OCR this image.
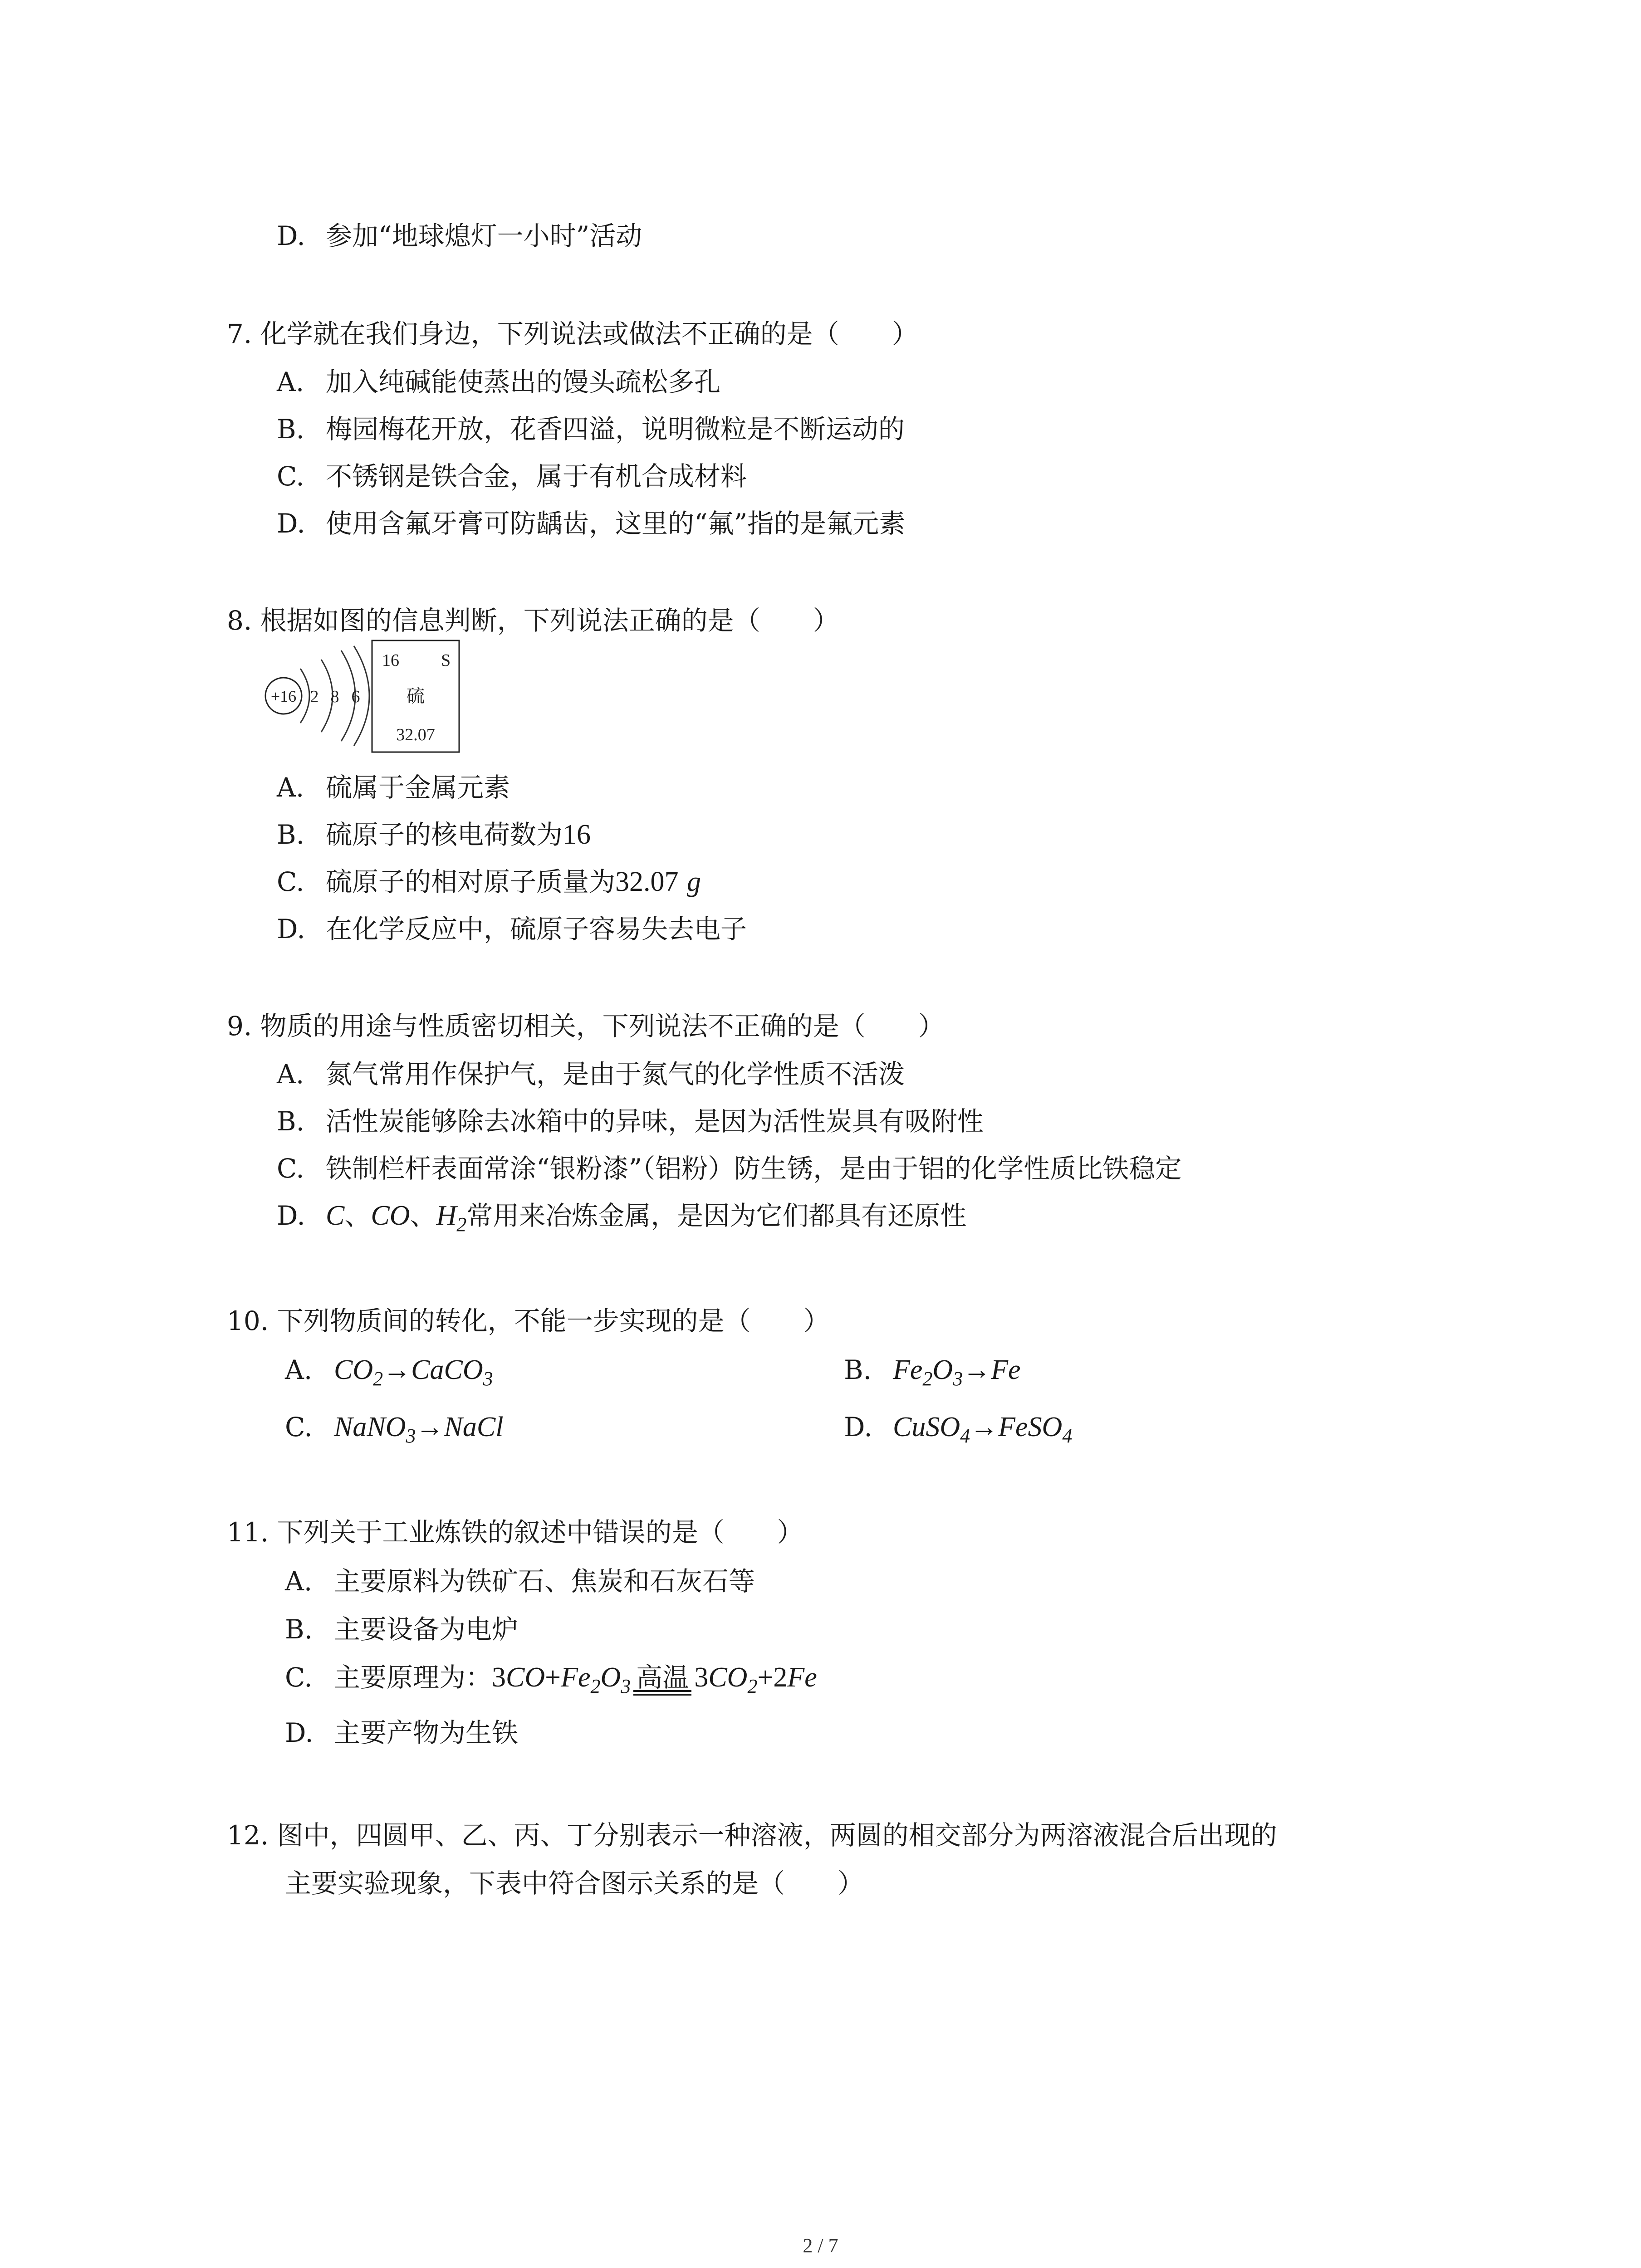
D. 参加“地球熄灯一小时”活动
7. 化学就在我们身边，下列说法或做法不正确的是（　　）
A. 加入纯碱能使蒸出的馒头疏松多孔
B. 梅园梅花开放，花香四溢，说明微粒是不断运动的
C. 不锈钢是铁合金，属于有机合成材料
D. 使用含氟牙膏可防龋齿，这里的“氟”指的是氟元素
8. 根据如图的信息判断，下列说法正确的是（　　）
+16 2 8 6
16 S
硫
32.07
A. 硫属于金属元素
B. 硫原子的核电荷数为16
C. 硫原子的相对原子质量为32.07 g
D. 在化学反应中，硫原子容易失去电子
9. 物质的用途与性质密切相关，下列说法不正确的是（　　）
A. 氮气常用作保护气，是由于氮气的化学性质不活泼
B. 活性炭能够除去冰箱中的异味，是因为活性炭具有吸附性
C. 铁制栏杆表面常涂“银粉漆”（铝粉）防生锈，是由于铝的化学性质比铁稳定
D. C、CO、$H_2$常用来冶炼金属，是因为它们都具有还原性
10. 下列物质间的转化，不能一步实现的是（　　）
A. $CO_2\to CaCO_3$	B. $Fe_2O_3\to Fe$
C. NaNO$_3$→NaCl	D. CuSO$_4$→FeSO$_4$
11. 下列关于工业炼铁的叙述中错误的是（　　）
A. 主要原料为铁矿石、焦炭和石灰石等
B. 主要设备为电炉
C. 主要原理为：$3CO+Fe_2O_3$ 高温 $3CO_2+2Fe$
D. 主要产物为生铁
12. 图中，四圆甲、乙、丙、丁分别表示一种溶液，两圆的相交部分为两溶液混合后出现的
主要实验现象，下表中符合图示关系的是（　　）
2 / 7
